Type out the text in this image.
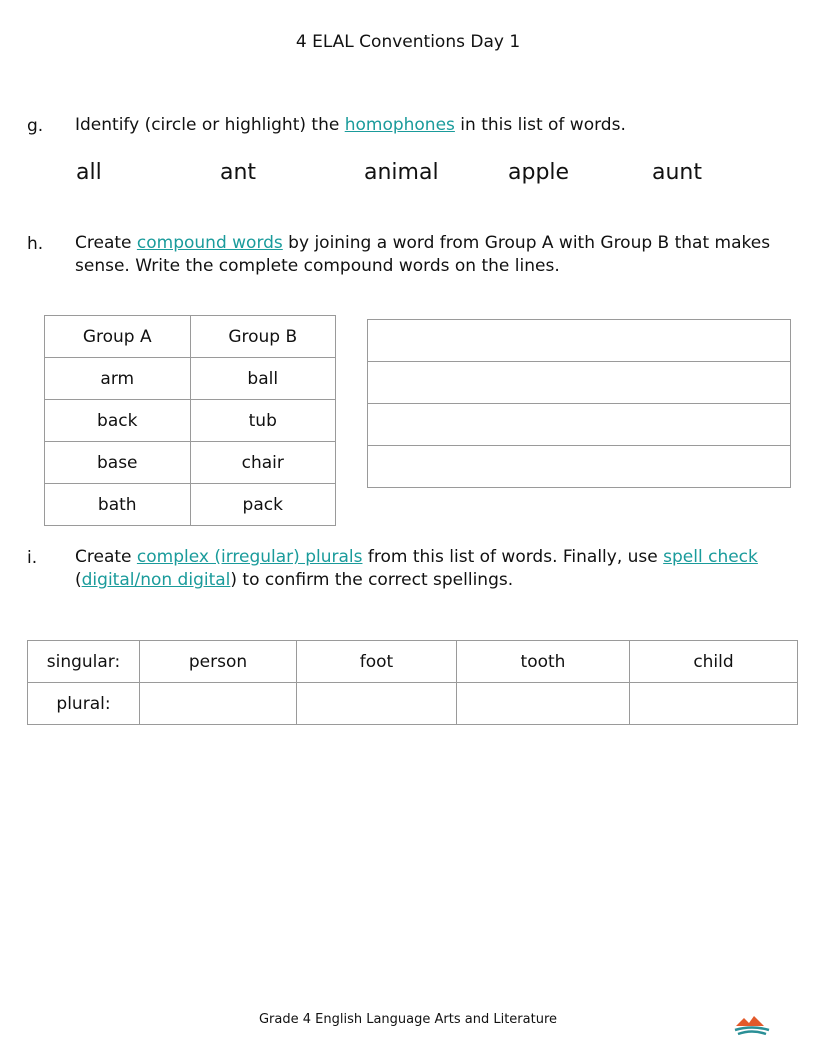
4 ELAL Conventions Day 1
g. Identify (circle or highlight) the homophones in this list of words.
all	ant	animal	apple	aunt
h. Create compound words by joining a word from Group A with Group B that makes sense. Write the complete compound words on the lines.
Group A	Group B
arm	ball
back	tub
base	chair
bath	pack

i. Create complex (irregular) plurals from this list of words. Finally, use spell check
(digital/non digital) to confirm the correct spellings.
singular:	person	foot	tooth	child
plural:				
Grade 4 English Language Arts and Literature
